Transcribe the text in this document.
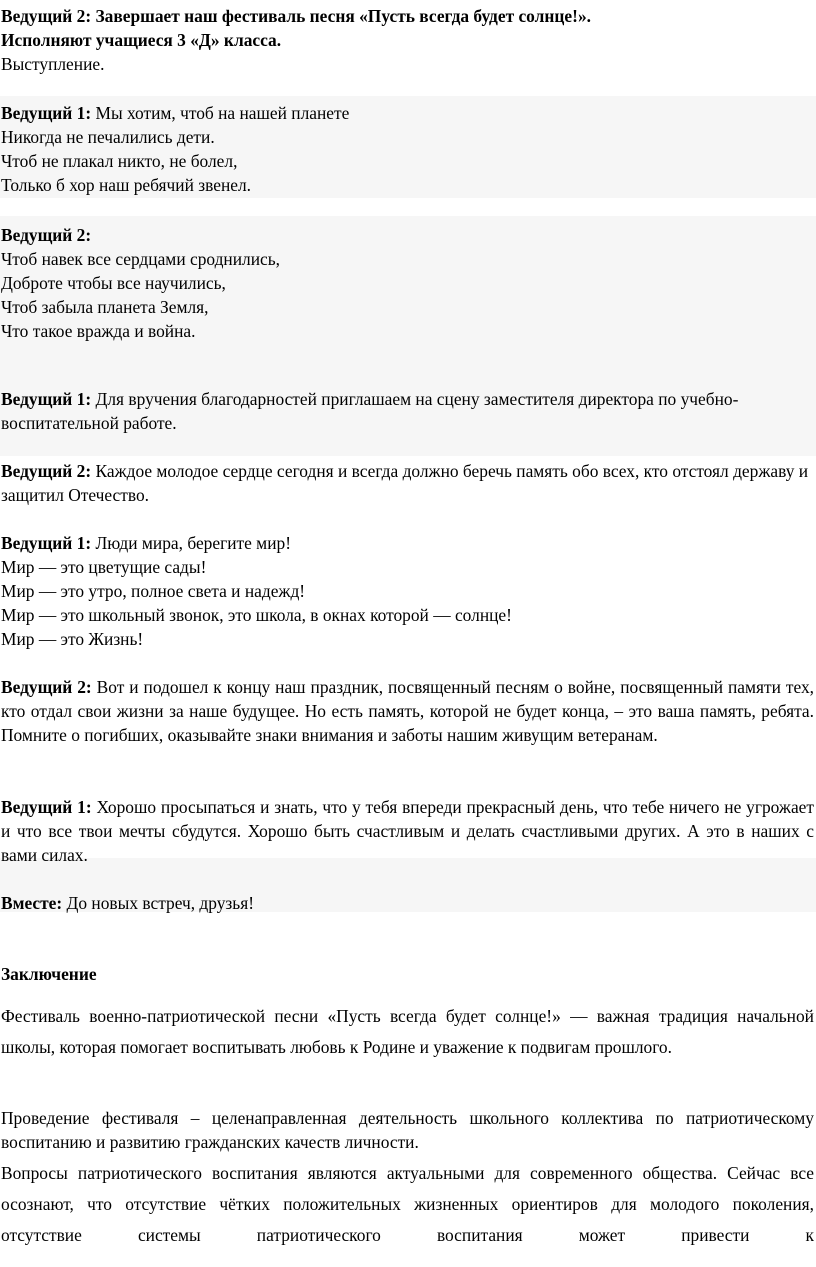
Ведущий 2: Завершает наш фестиваль песня «Пусть всегда будет солнце!».
Исполняют учащиеся 3 «Д» класса.
Выступление.
Ведущий 1: Мы хотим, чтоб на нашей планете
Никогда не печалились дети.
Чтоб не плакал никто, не болел,
Только б хор наш ребячий звенел.
Ведущий 2:
Чтоб навек все сердцами сроднились,
Доброте чтобы все научились,
Чтоб забыла планета Земля,
Что такое вражда и война.
Ведущий 1: Для вручения благодарностей приглашаем на сцену заместителя директора по учебно- воспитательной работе.
Ведущий 2: Каждое молодое сердце сегодня и всегда должно беречь память обо всех, кто отстоял державу и защитил Отечество.
Ведущий 1: Люди мира, берегите мир!
Мир — это цветущие сады!
Мир — это утро, полное света и надежд!
Мир — это школьный звонок, это школа, в окнах которой — солнце!
Мир — это Жизнь!
Ведущий 2: Вот и подошел к концу наш праздник, посвященный песням о войне, посвященный памяти тех, кто отдал свои жизни за наше будущее. Но есть память, которой не будет конца, – это ваша память, ребята. Помните о погибших, оказывайте знаки внимания и заботы нашим живущим ветеранам.
Ведущий 1: Хорошо просыпаться и знать, что у тебя впереди прекрасный день, что тебе ничего не угрожает и что все твои мечты сбудутся. Хорошо быть счастливым и делать счастливыми других. А это в наших с вами силах.
Вместе: До новых встреч, друзья!
Заключение
Фестиваль военно-патриотической песни «Пусть всегда будет солнце!» — важная традиция начальной школы, которая помогает воспитывать любовь к Родине и уважение к подвигам прошлого.
Проведение фестиваля – целенаправленная деятельность школьного коллектива по патриотическому воспитанию и развитию гражданских качеств личности.
Вопросы патриотического воспитания являются актуальными для современного общества. Сейчас все осознают, что отсутствие чётких положительных жизненных ориентиров для молодого поколения, отсутствие системы патриотического воспитания может привести к
